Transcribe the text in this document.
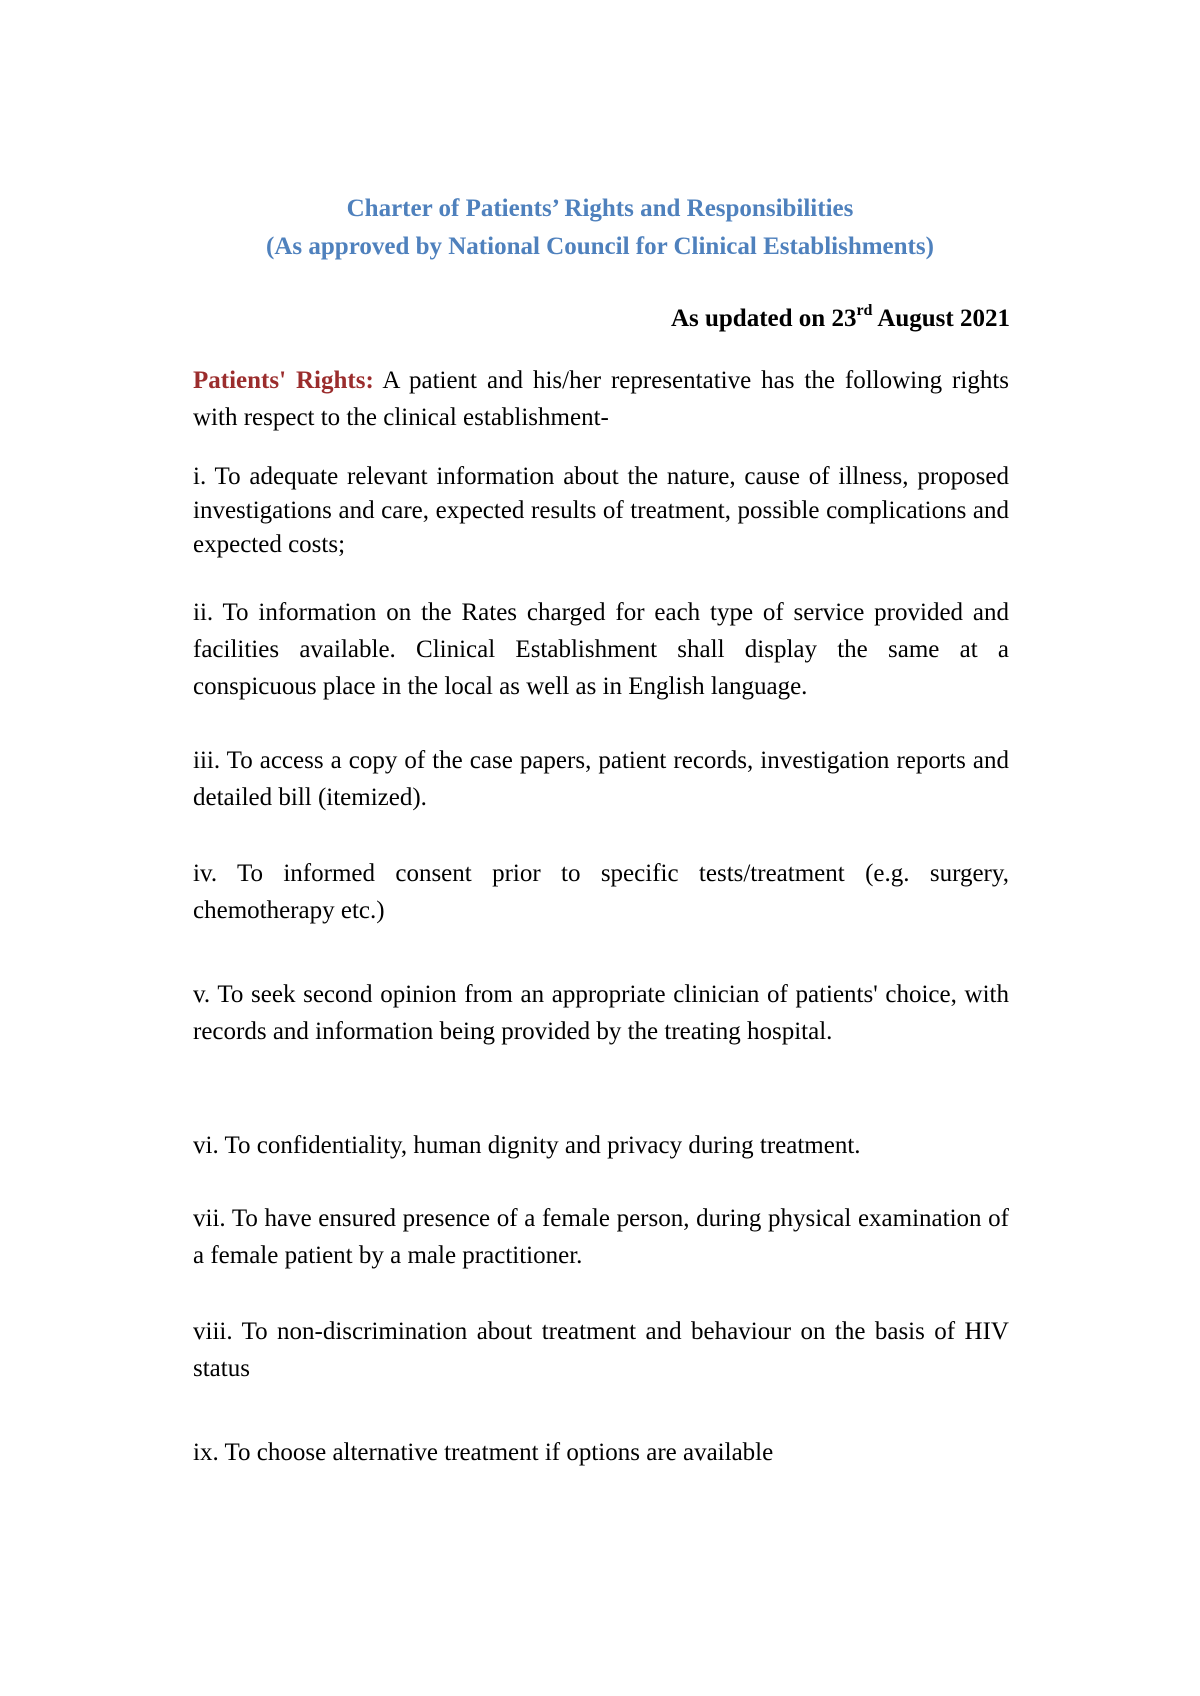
Charter of Patients’ Rights and Responsibilities
(As approved by National Council for Clinical Establishments)
As updated on 23rd August 2021
Patients' Rights: A patient and his/her representative has the following rights with respect to the clinical establishment-
i. To adequate relevant information about the nature, cause of illness, proposed investigations and care, expected results of treatment, possible complications and expected costs;
ii. To information on the Rates charged for each type of service provided and facilities available. Clinical Establishment shall display the same at a conspicuous place in the local as well as in English language.
iii. To access a copy of the case papers, patient records, investigation reports and detailed bill (itemized).
iv. To informed consent prior to specific tests/treatment (e.g. surgery, chemotherapy etc.)
v. To seek second opinion from an appropriate clinician of patients' choice, with records and information being provided by the treating hospital.
vi. To confidentiality, human dignity and privacy during treatment.
vii. To have ensured presence of a female person, during physical examination of a female patient by a male practitioner.
viii. To non-discrimination about treatment and behaviour on the basis of HIV status
ix. To choose alternative treatment if options are available
